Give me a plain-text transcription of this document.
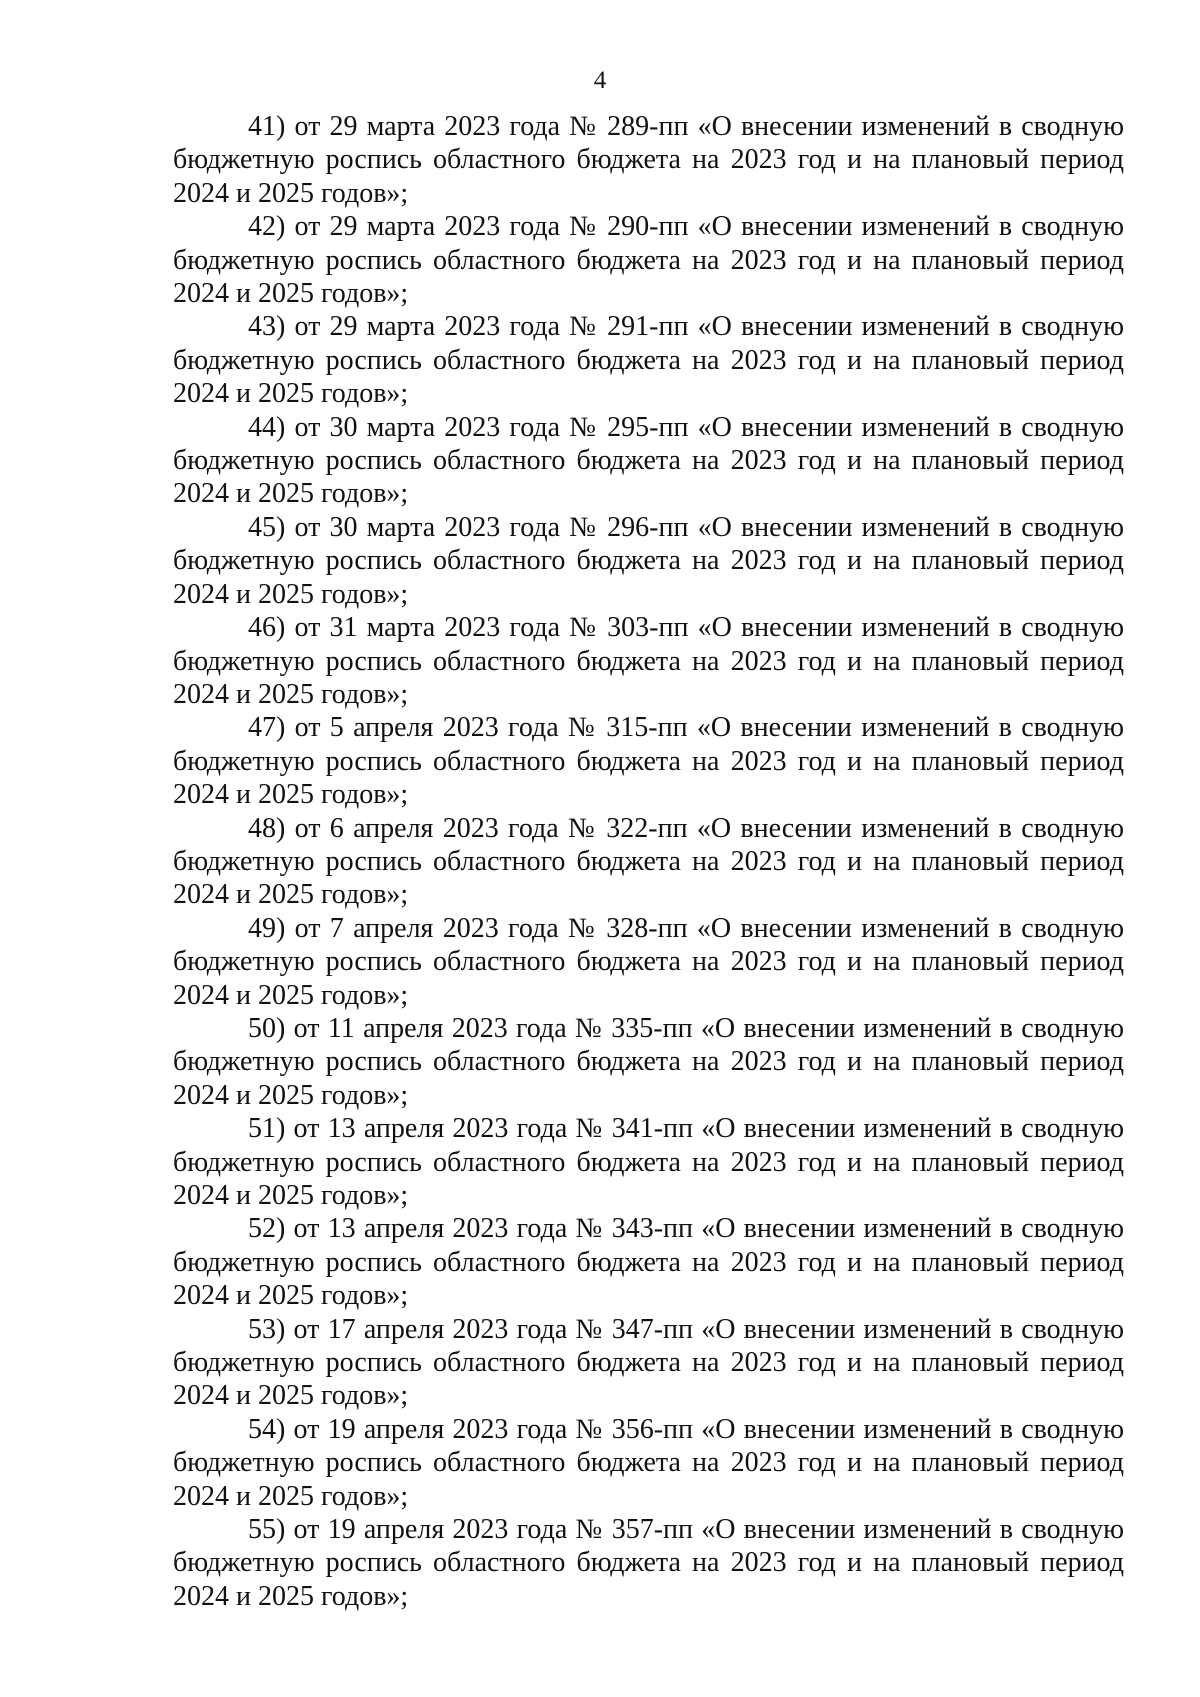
4

41) от 29 марта 2023 года № 289-пп «О внесении изменений в сводную бюджетную роспись областного бюджета на 2023 год и на плановый период 2024 и 2025 годов»;

42) от 29 марта 2023 года № 290-пп «О внесении изменений в сводную бюджетную роспись областного бюджета на 2023 год и на плановый период 2024 и 2025 годов»;

43) от 29 марта 2023 года № 291-пп «О внесении изменений в сводную бюджетную роспись областного бюджета на 2023 год и на плановый период 2024 и 2025 годов»;

44) от 30 марта 2023 года № 295-пп «О внесении изменений в сводную бюджетную роспись областного бюджета на 2023 год и на плановый период 2024 и 2025 годов»;

45) от 30 марта 2023 года № 296-пп «О внесении изменений в сводную бюджетную роспись областного бюджета на 2023 год и на плановый период 2024 и 2025 годов»;

46) от 31 марта 2023 года № 303-пп «О внесении изменений в сводную бюджетную роспись областного бюджета на 2023 год и на плановый период 2024 и 2025 годов»;

47) от 5 апреля 2023 года № 315-пп «О внесении изменений в сводную бюджетную роспись областного бюджета на 2023 год и на плановый период 2024 и 2025 годов»;

48) от 6 апреля 2023 года № 322-пп «О внесении изменений в сводную бюджетную роспись областного бюджета на 2023 год и на плановый период 2024 и 2025 годов»;

49) от 7 апреля 2023 года № 328-пп «О внесении изменений в сводную бюджетную роспись областного бюджета на 2023 год и на плановый период 2024 и 2025 годов»;

50) от 11 апреля 2023 года № 335-пп «О внесении изменений в сводную бюджетную роспись областного бюджета на 2023 год и на плановый период 2024 и 2025 годов»;

51) от 13 апреля 2023 года № 341-пп «О внесении изменений в сводную бюджетную роспись областного бюджета на 2023 год и на плановый период 2024 и 2025 годов»;

52) от 13 апреля 2023 года № 343-пп «О внесении изменений в сводную бюджетную роспись областного бюджета на 2023 год и на плановый период 2024 и 2025 годов»;

53) от 17 апреля 2023 года № 347-пп «О внесении изменений в сводную бюджетную роспись областного бюджета на 2023 год и на плановый период 2024 и 2025 годов»;

54) от 19 апреля 2023 года № 356-пп «О внесении изменений в сводную бюджетную роспись областного бюджета на 2023 год и на плановый период 2024 и 2025 годов»;

55) от 19 апреля 2023 года № 357-пп «О внесении изменений в сводную бюджетную роспись областного бюджета на 2023 год и на плановый период 2024 и 2025 годов»;
